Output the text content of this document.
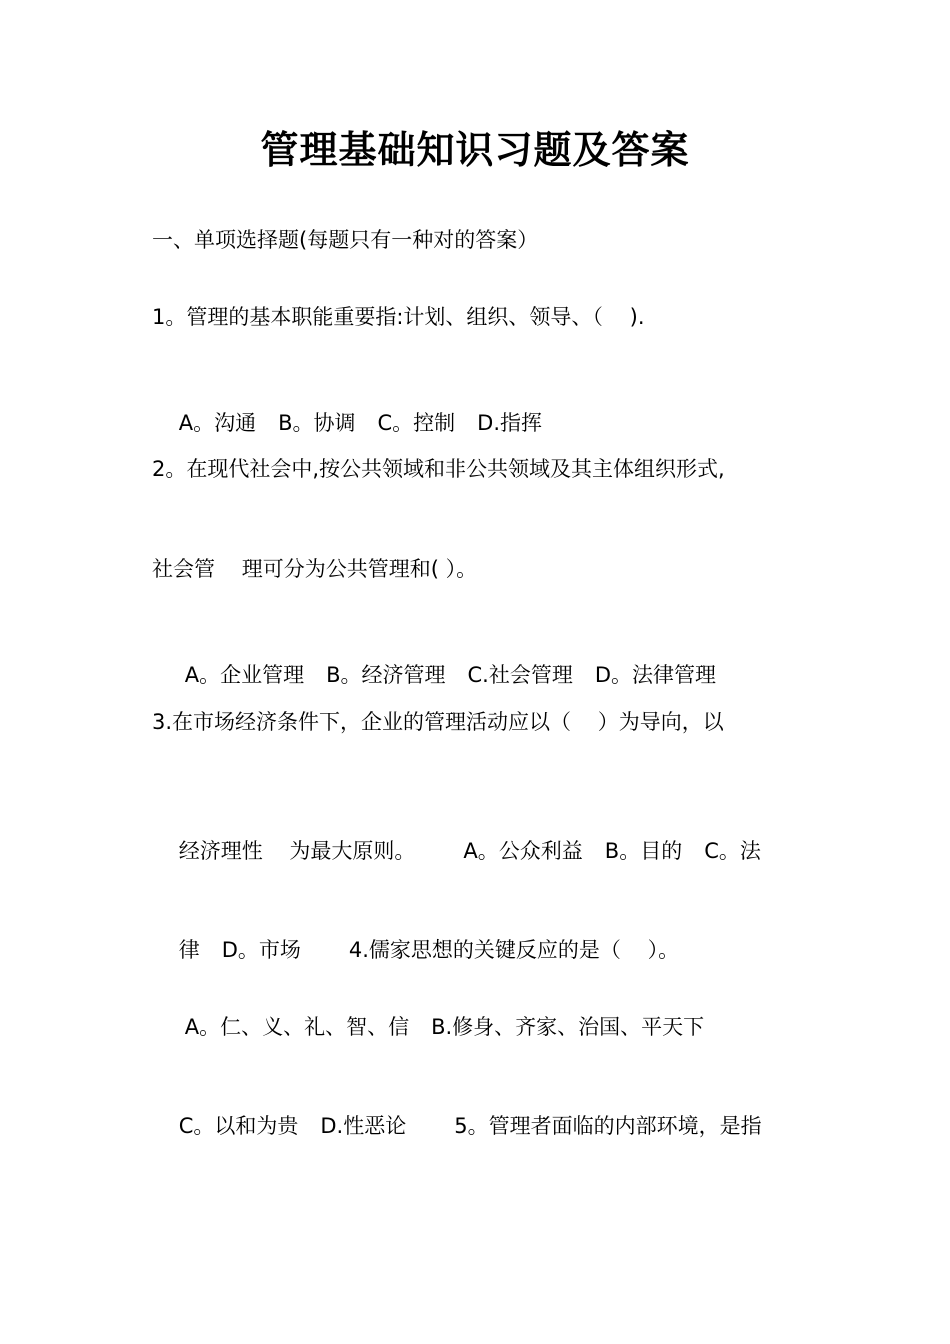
管理基础知识习题及答案
一、单项选择题(每题只有一种对的答案）
1。管理的基本职能重要指:计划、组织、领导、（    ).

A。沟通 B。协调 C。控制 D.指挥

2。在现代社会中,按公共领域和非公共领域及其主体组织形式,
社会管    理可分为公共管理和( ）。

A。企业管理 B。经济管理 C.社会管理 D。法律管理

3.在市场经济条件下，企业的管理活动应以（    ）为导向，以

经济理性    为最大原则。 A。公众利益 B。目的 C。法

律 D。市场 4.儒家思想的关键反应的是（    ）。

A。仁、义、礼、智、信 B.修身、齐家、治国、平天下

C。以和为贵 D.性恶论 5。管理者面临的内部环境，是指
